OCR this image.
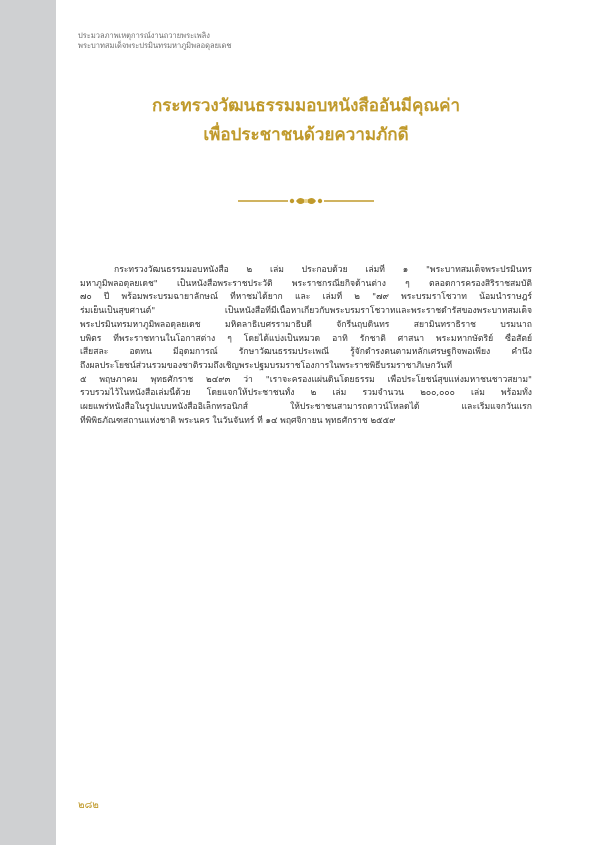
ประมวลภาพเหตุการณ์งานถวายพระเพลิง
พระบาทสมเด็จพระปรมินทรมหาภูมิพลอดุลยเดช
กระทรวงวัฒนธรรมมอบหนังสืออันมีคุณค่า
เพื่อประชาชนด้วยความภักดี
กระทรวงวัฒนธรรมมอบหนังสือ ๒ เล่ม ประกอบด้วย เล่มที่ ๑ "พระบาทสมเด็จพระปรมินทร
มหาภูมิพลอดุลยเดช" เป็นหนังสือพระราชประวัติ พระราชกรณียกิจด้านต่าง ๆ ตลอดการครองสิริราชสมบัติ
๗๐ ปี พร้อมพระบรมฉายาลักษณ์ ที่หาชมได้ยาก และ เล่มที่ ๒ "๗๙ พระบรมราโชวาท น้อมนำราษฎร์
ร่มเย็นเป็นสุขศานต์" เป็นหนังสือที่มีเนื้อหาเกี่ยวกับพระบรมราโชวาทและพระราชดำรัสของพระบาทสมเด็จ
พระปรมินทรมหาภูมิพลอดุลยเดช มหิตลาธิเบศรรามาธิบดี จักรีนฤบดินทร สยามินทราธิราช บรมนาถ
บพิตร ที่พระราชทานในโอกาสต่าง ๆ โดยได้แบ่งเป็นหมวด อาทิ รักชาติ ศาสนา พระมหากษัตริย์ ซื่อสัตย์
เสียสละ อดทน มีอุดมการณ์ รักษาวัฒนธรรมประเพณี รู้จักดำรงตนตามหลักเศรษฐกิจพอเพียง คำนึง
ถึงผลประโยชน์ส่วนรวมของชาติรวมถึงเชิญพระปฐมบรมราชโองการในพระราชพิธีบรมราชาภิเษกวันที่
๕ พฤษภาคม พุทธศักราช ๒๔๙๓ ว่า "เราจะครองแผ่นดินโดยธรรม เพื่อประโยชน์สุขแห่งมหาชนชาวสยาม"
รวบรวมไว้ในหนังสือเล่มนี้ด้วย โดยแจกให้ประชาชนทั้ง ๒ เล่ม รวมจำนวน ๒๐๐,๐๐๐ เล่ม พร้อมทั้ง
เผยแพร่หนังสือในรูปแบบหนังสืออิเล็กทรอนิกส์ ให้ประชาชนสามารถดาวน์โหลดได้ และเริ่มแจกวันแรก
ที่พิพิธภัณฑสถานแห่งชาติ พระนคร ในวันจันทร์ ที่ ๑๔ พฤศจิกายน พุทธศักราช ๒๕๕๙
๒๘๒
